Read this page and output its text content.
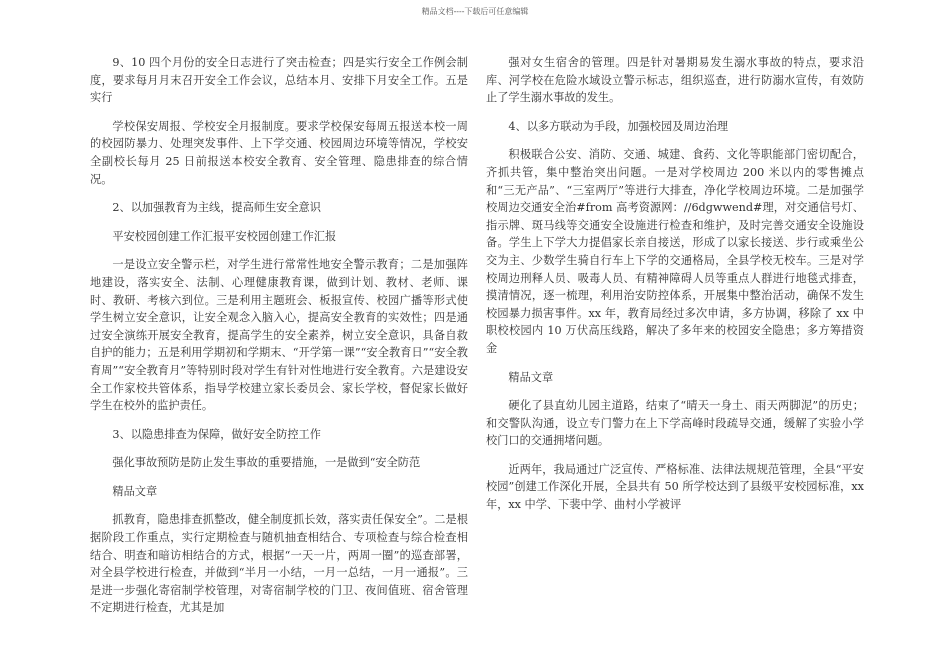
精品文档----下载后可任意编辑

9、10 四个月份的安全日志进行了突击检查；四是实行安全工作例会制度，要求每月月末召开安全工作会议，总结本月、安排下月安全工作。五是实行

学校保安周报、学校安全月报制度。要求学校保安每周五报送本校一周的校园防暴力、处理突发事件、上下学交通、校园周边环境等情况，学校安全副校长每月 25 日前报送本校安全教育、安全管理、隐患排查的综合情况。

2、以加强教育为主线，提高师生安全意识

平安校园创建工作汇报平安校园创建工作汇报

一是设立安全警示栏，对学生进行常常性地安全警示教育；二是加强阵地建设，落实安全、法制、心理健康教育课，做到计划、教材、老师、课时、教研、考核六到位。三是利用主题班会、板报宣传、校园广播等形式使学生树立安全意识，让安全观念入脑入心，提高安全教育的实效性；四是通过安全演练开展安全教育，提高学生的安全素养，树立安全意识，具备自救自护的能力；五是利用学期初和学期末、“开学第一课”“安全教育日”“安全教育周”“安全教育月”等特别时段对学生有针对性地进行安全教育。六是建设安全工作家校共管体系，指导学校建立家长委员会、家长学校，督促家长做好学生在校外的监护责任。

3、以隐患排查为保障，做好安全防控工作

强化事故预防是防止发生事故的重要措施，一是做到“安全防范

精品文章

抓教育，隐患排查抓整改，健全制度抓长效，落实责任保安全”。二是根据阶段工作重点，实行定期检查与随机抽查相结合、专项检查与综合检查相结合、明查和暗访相结合的方式，根据“一天一片，两周一圈”的巡查部署，对全县学校进行检查，并做到“半月一小结，一月一总结，一月一通报”。三是进一步强化寄宿制学校管理，对寄宿制学校的门卫、夜间值班、宿舍管理不定期进行检查，尤其是加

强对女生宿舍的管理。四是针对暑期易发生溺水事故的特点，要求沿库、河学校在危险水域设立警示标志，组织巡查，进行防溺水宣传，有效防止了学生溺水事故的发生。

4、以多方联动为手段，加强校园及周边治理

积极联合公安、消防、交通、城建、食药、文化等职能部门密切配合，齐抓共管，集中整治突出问题。一是对学校周边 200 米以内的零售摊点和“三无产品”、“三室两厅”等进行大排查，净化学校周边环境。二是加强学校周边交通安全治#from 高考资源网：//6dgwwend#理，对交通信号灯、指示牌、斑马线等交通安全设施进行检查和维护，及时完善交通安全设施设备。学生上下学大力提倡家长亲自接送，形成了以家长接送、步行或乘坐公交为主、少数学生骑自行车上下学的交通格局，全县学校无校车。三是对学校周边刑释人员、吸毒人员、有精神障碍人员等重点人群进行地毯式排查，摸清情况，逐一梳理，利用治安防控体系，开展集中整治活动，确保不发生校园暴力损害事件。xx 年，教育局经过多次申请，多方协调，移除了 xx 中职校校园内 10 万伏高压线路，解决了多年来的校园安全隐患；多方筹措资金

精品文章

硬化了县直幼儿园主道路，结束了“晴天一身土、雨天两脚泥”的历史；和交警队沟通，设立专门警力在上下学高峰时段疏导交通，缓解了实验小学校门口的交通拥堵问题。

近两年，我局通过广泛宣传、严格标准、法律法规规范管理，全县“平安校园”创建工作深化开展，全县共有 50 所学校达到了县级平安校园标准，xx 年，xx 中学、下裴中学、曲村小学被评
